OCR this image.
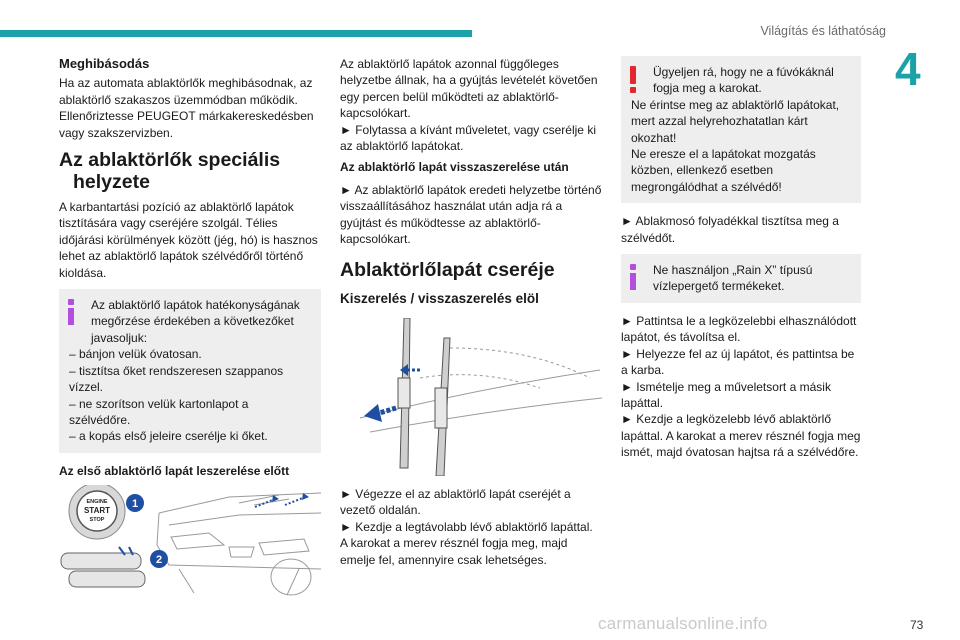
Világítás és láthatóság
4
Meghibásodás

Ha az automata ablaktörlők meghibásodnak, az ablaktörlő szakaszos üzemmódban működik. Ellenőriztesse PEUGEOT márkakereskedésben vagy szakszervizben.

Az ablaktörlők speciális
helyzete

A karbantartási pozíció az ablaktörlő lapátok tisztítására vagy cseréjére szolgál. Télies időjárási körülmények között (jég, hó) is hasznos lehet az ablaktörlő lapátok szélvédőről történő kioldása.

Az ablaktörlő lapátok hatékonyságának megőrzése érdekében a következőket javasoljuk:

– bánjon velük óvatosan.
– tisztítsa őket rendszeresen szappanos vízzel.
– ne szorítson velük kartonlapot a szélvédőre.
– a kopás első jeleire cserélje ki őket.
Az első ablaktörlő lapát leszerelése előtt
ENGINE
START
STOP
1
2

Az ablaktörlő lapátok azonnal függőleges helyzetbe állnak, ha a gyújtás levételét követően egy percen belül működteti az ablaktörlő-kapcsolókart.

► Folytassa a kívánt műveletet, vagy cserélje ki az ablaktörlő lapátokat.

Az ablaktörlő lapát visszaszerelése után

► Az ablaktörlő lapátok eredeti helyzetbe történő visszaállításához használat után adja rá a gyújtást és működtesse az ablaktörlő-kapcsolókart.

Ablaktörlőlapát cseréje
Kiszerelés / visszaszerelés elöl

► Végezze el az ablaktörlő lapát cseréjét a vezető oldalán.

► Kezdje a legtávolabb lévő ablaktörlő lapáttal. A karokat a merev résznél fogja meg, majd emelje fel, amennyire csak lehetséges.

Ügyeljen rá, hogy ne a fúvókáknál fogja meg a karokat.

Ne érintse meg az ablaktörlő lapátokat, mert azzal helyrehozhatatlan kárt okozhat!

Ne eresze el a lapátokat mozgatás közben, ellenkező esetben megrongálódhat a szélvédő!

► Ablakmosó folyadékkal tisztítsa meg a szélvédőt.

Ne használjon „Rain X” típusú vízlepergető termékeket.

► Pattintsa le a legközelebbi elhasználódott lapátot, és távolítsa el.

► Helyezze fel az új lapátot, és pattintsa be a karba.

► Ismételje meg a műveletsort a másik lapáttal.

► Kezdje a legközelebb lévő ablaktörlő lapáttal. A karokat a merev résznél fogja meg ismét, majd óvatosan hajtsa rá a szélvédőre.

carmanualsonline.info	73
